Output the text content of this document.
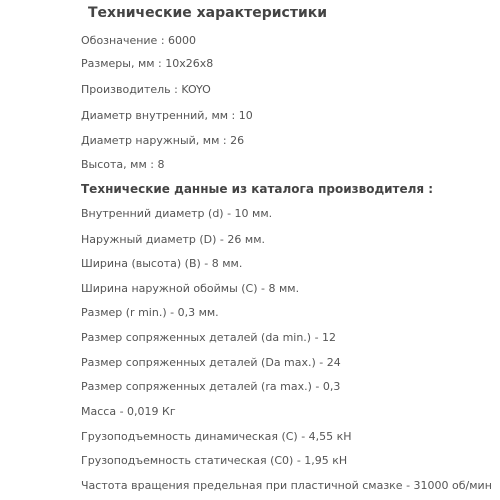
Технические характеристики
Обозначение : 6000
Размеры, мм : 10x26x8
Производитель : KOYO
Диаметр внутренний, мм : 10
Диаметр наружный, мм : 26
Высота, мм : 8
Технические данные из каталога производителя :
Внутренний диаметр (d) - 10 мм.
Наружный диаметр (D) - 26 мм.
Ширина (высота) (B) - 8 мм.
Ширина наружной обоймы (C) - 8 мм.
Размер (r min.) - 0,3 мм.
Размер сопряженных деталей (da min.) - 12
Размер сопряженных деталей (Da max.) - 24
Размер сопряженных деталей (ra max.) - 0,3
Масса - 0,019 Кг
Грузоподъемность динамическая (C) - 4,55 кН
Грузоподъемность статическая (C0) - 1,95 кН
Частота вращения предельная при пластичной смазке - 31000 об/мин
